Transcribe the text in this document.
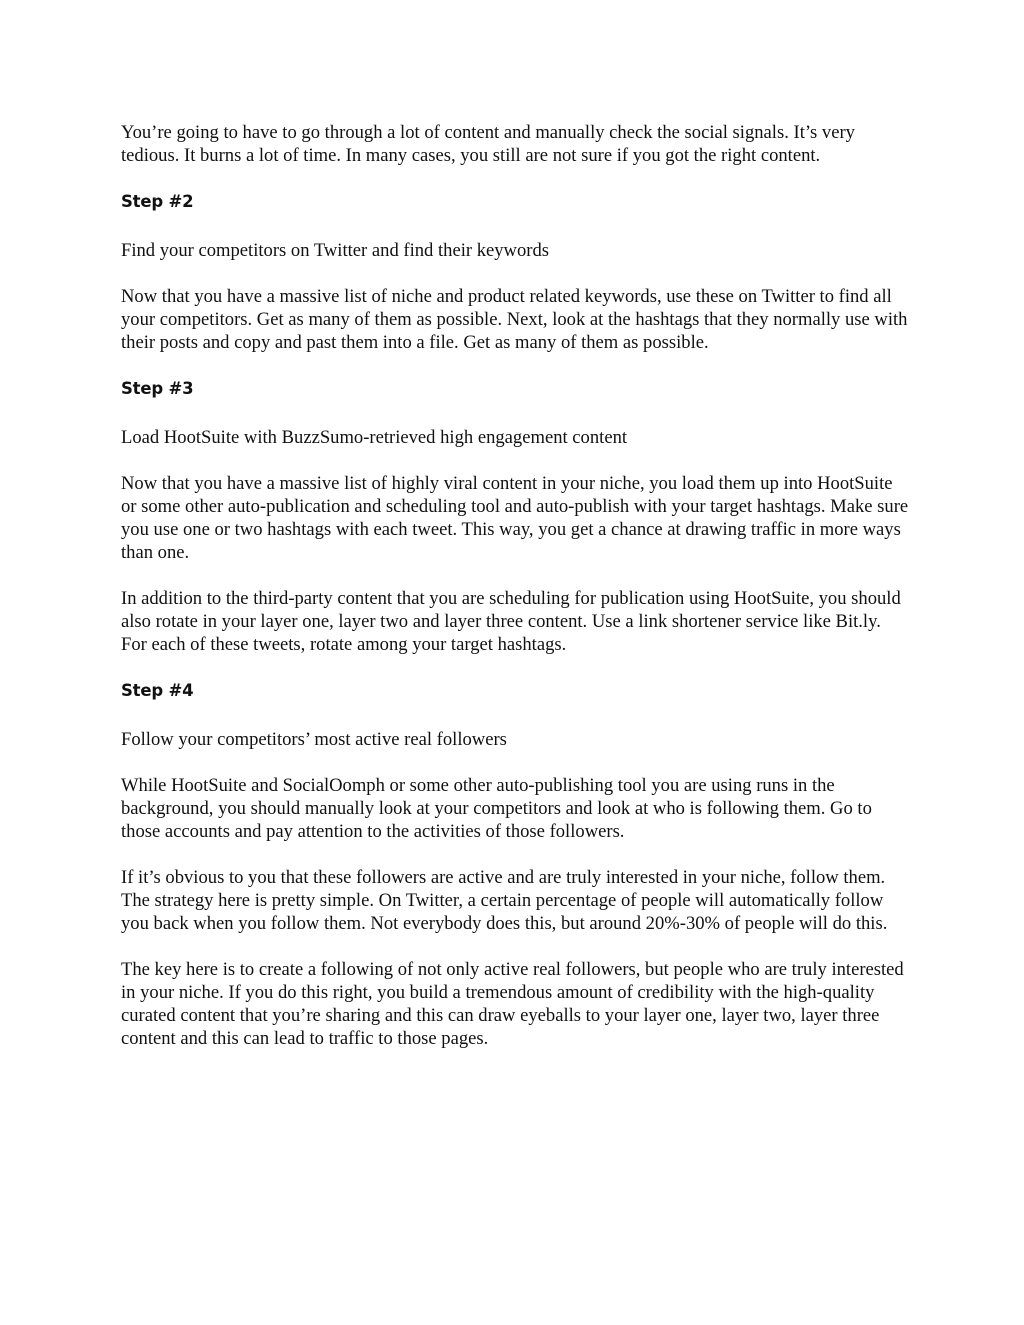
You’re going to have to go through a lot of content and manually check the social signals. It’s very tedious. It burns a lot of time. In many cases, you still are not sure if you got the right content.

Step #2

Find your competitors on Twitter and find their keywords

Now that you have a massive list of niche and product related keywords, use these on Twitter to find all your competitors. Get as many of them as possible. Next, look at the hashtags that they normally use with their posts and copy and past them into a file. Get as many of them as possible.

Step #3

Load HootSuite with BuzzSumo-retrieved high engagement content

Now that you have a massive list of highly viral content in your niche, you load them up into HootSuite or some other auto-publication and scheduling tool and auto-publish with your target hashtags. Make sure you use one or two hashtags with each tweet. This way, you get a chance at drawing traffic in more ways than one.

In addition to the third-party content that you are scheduling for publication using HootSuite, you should also rotate in your layer one, layer two and layer three content. Use a link shortener service like Bit.ly. For each of these tweets, rotate among your target hashtags.

Step #4

Follow your competitors’ most active real followers

While HootSuite and SocialOomph or some other auto-publishing tool you are using runs in the background, you should manually look at your competitors and look at who is following them. Go to those accounts and pay attention to the activities of those followers.

If it’s obvious to you that these followers are active and are truly interested in your niche, follow them. The strategy here is pretty simple. On Twitter, a certain percentage of people will automatically follow you back when you follow them. Not everybody does this, but around 20%-30% of people will do this.

The key here is to create a following of not only active real followers, but people who are truly interested in your niche. If you do this right, you build a tremendous amount of credibility with the high-quality curated content that you’re sharing and this can draw eyeballs to your layer one, layer two, layer three content and this can lead to traffic to those pages.
